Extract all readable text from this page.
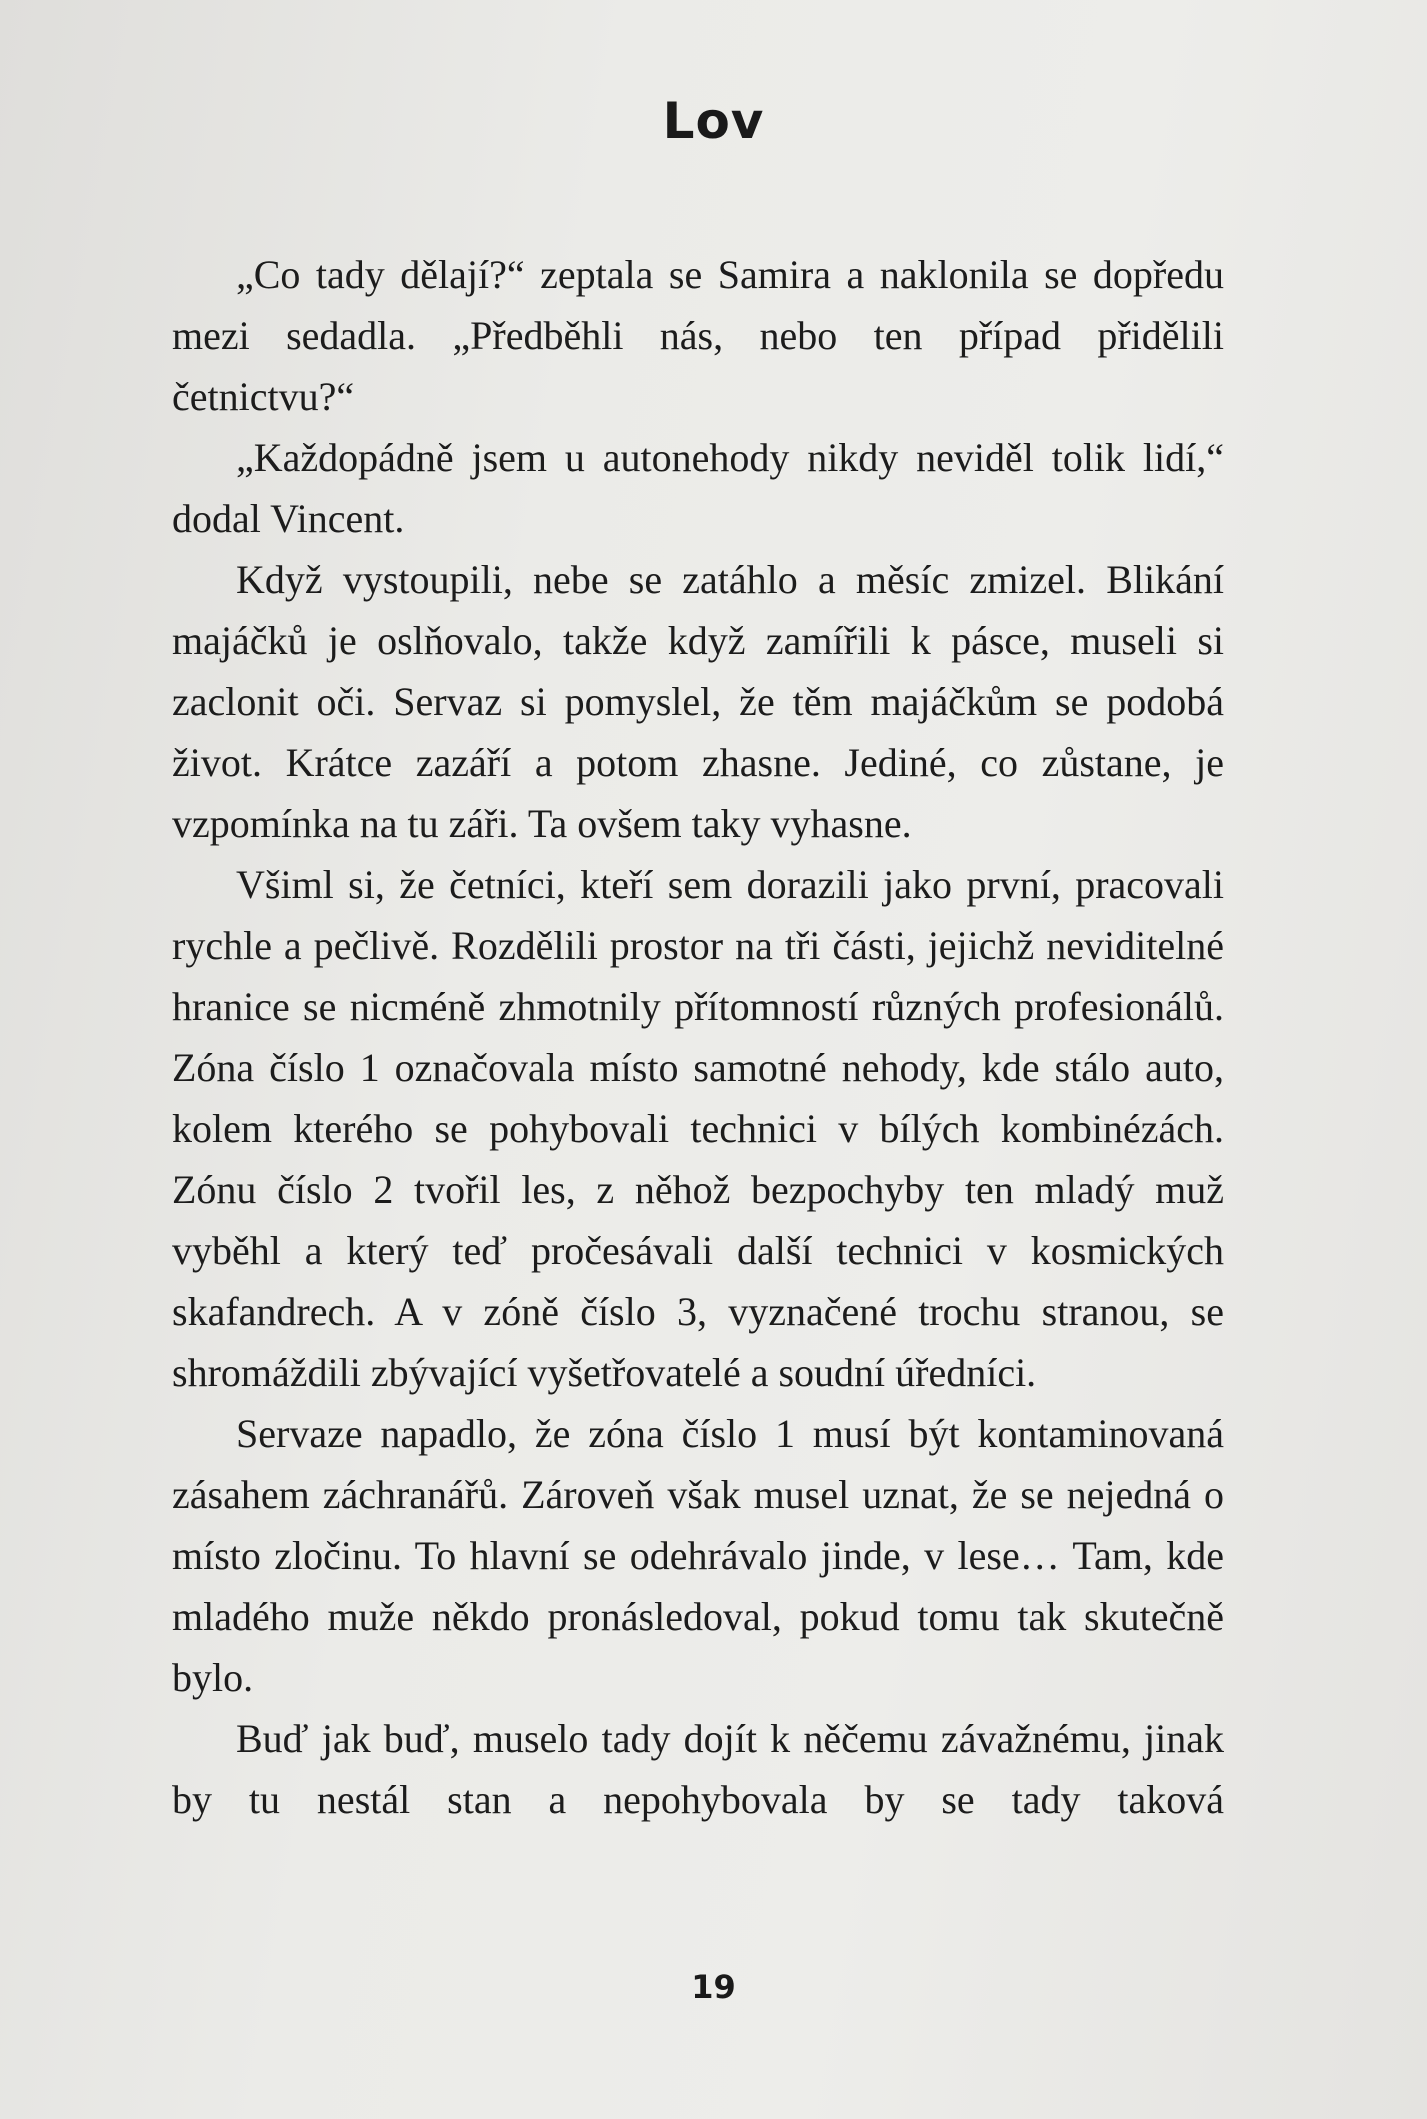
Lov

„Co tady dělají?“ zeptala se Samira a naklonila se dopředu mezi sedadla. „Předběhli nás, nebo ten případ přidělili četnictvu?“

„Každopádně jsem u autonehody nikdy neviděl tolik lidí,“ dodal Vincent.

Když vystoupili, nebe se zatáhlo a měsíc zmizel. Blikání majáčků je oslňovalo, takže když zamířili k pásce, museli si zaclonit oči. Servaz si pomyslel, že těm majáčkům se podobá život. Krátce zazáří a potom zhasne. Jediné, co zůstane, je vzpomínka na tu záři. Ta ovšem taky vyhasne.

Všiml si, že četníci, kteří sem dorazili jako první, pracovali rychle a pečlivě. Rozdělili prostor na tři části, jejichž neviditelné hranice se nicméně zhmotnily přítomností různých profesionálů. Zóna číslo 1 označovala místo samotné nehody, kde stálo auto, kolem kterého se pohybovali technici v bílých kombinézách. Zónu číslo 2 tvořil les, z něhož bezpochyby ten mladý muž vyběhl a který teď pročesávali další technici v kosmických skafandrech. A v zóně číslo 3, vyznačené trochu stranou, se shromáždili zbývající vyšetřovatelé a soudní úředníci.

Servaze napadlo, že zóna číslo 1 musí být kontaminovaná zásahem záchranářů. Zároveň však musel uznat, že se nejedná o místo zločinu. To hlavní se odehrávalo jinde, v lese… Tam, kde mladého muže někdo pronásledoval, pokud tomu tak skutečně bylo.

Buď jak buď, muselo tady dojít k něčemu závažnému, jinak by tu nestál stan a nepohybovala by se tady taková

19
